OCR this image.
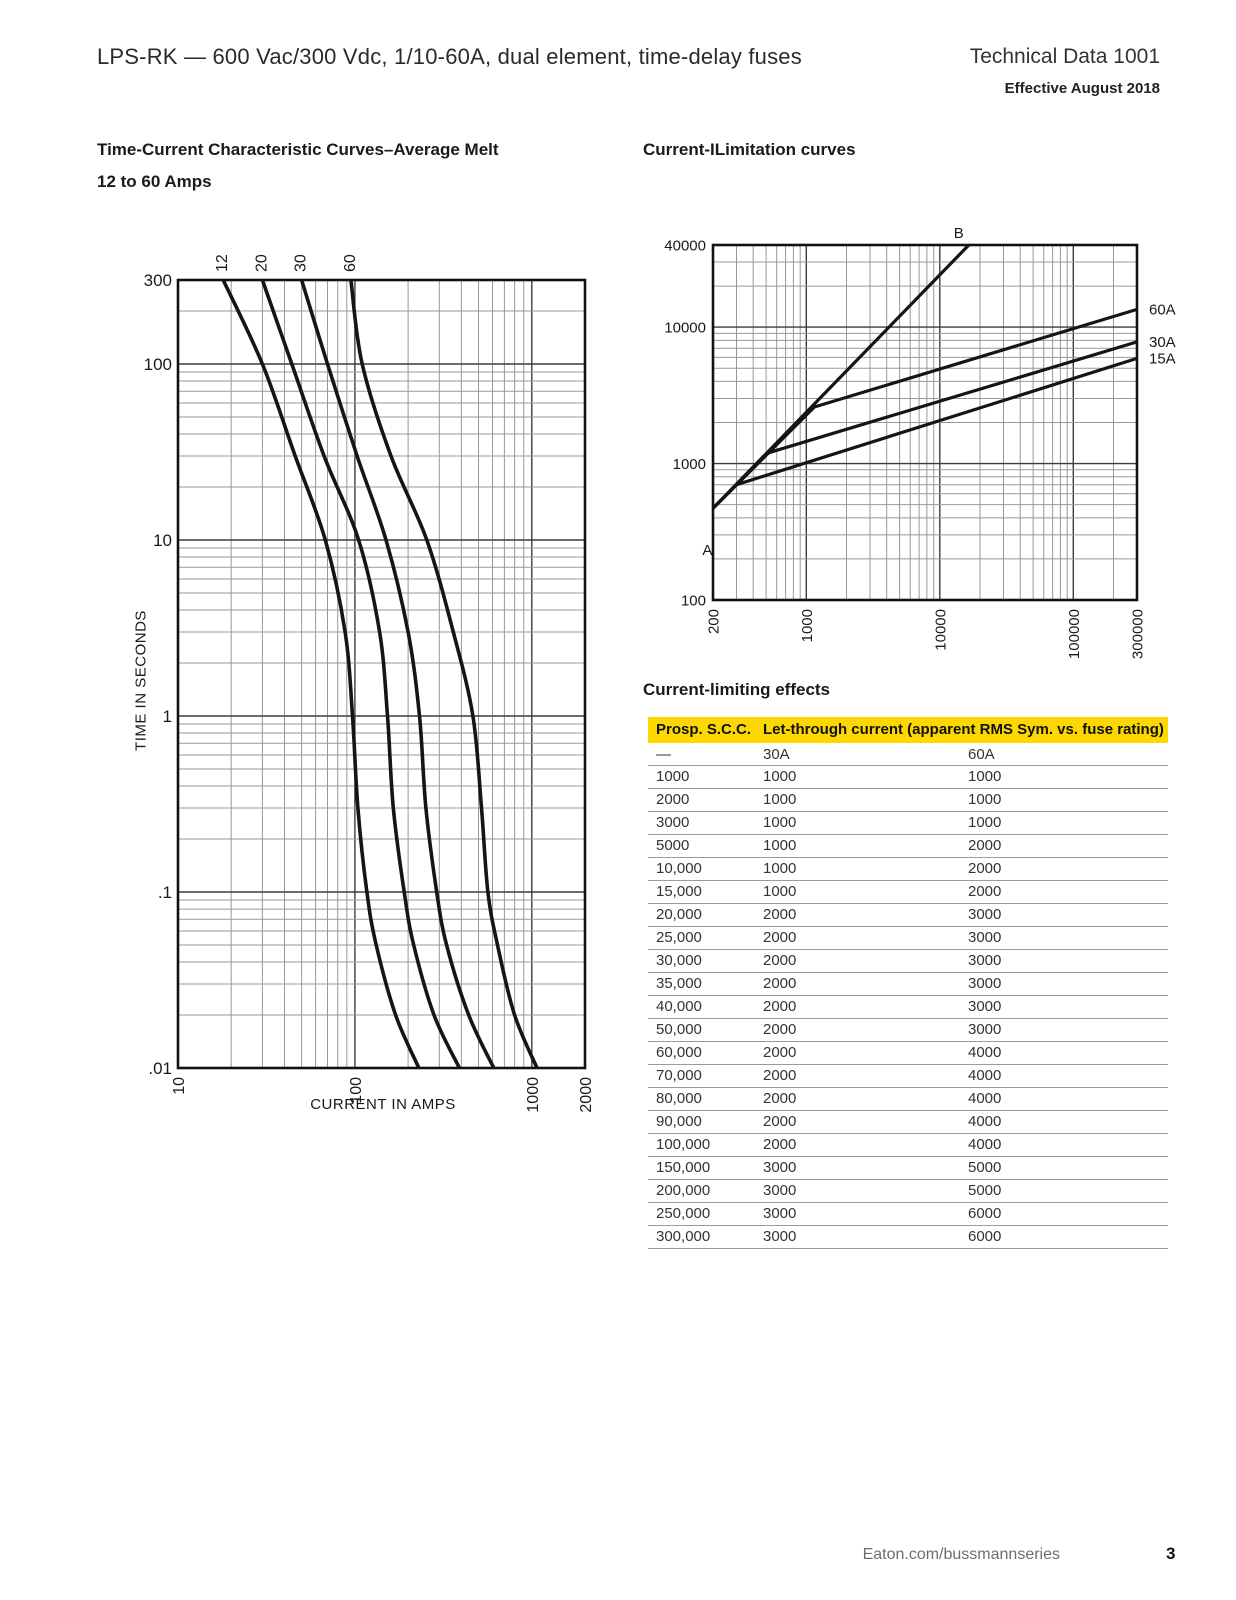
LPS-RK — 600 Vac/300 Vdc, 1/10-60A, dual element, time-delay fuses	Technical Data 1001
Effective August 2018
Time-Current Characteristic Curves–Average Melt
12 to 60 Amps
Current-ILimitation curves
300
100
10
1
.1
.01
10	100	1000 2000
12 20 30 60
40000
10000
1000
100
200	1000	10000	100000	300000
B
A
60A
30A
15A
TIME IN SECONDS
CURRENT IN AMPS
Current-limiting effects
Prosp. S.C.C.	Let-through current (apparent RMS Sym. vs. fuse rating)	
—	30A	60A
1000	1000	1000
2000	1000	1000
3000	1000	1000
5000	1000	2000
10,000	1000	2000
15,000	1000	2000
20,000	2000	3000
25,000	2000	3000
30,000	2000	3000
35,000	2000	3000
40,000	2000	3000
50,000	2000	3000
60,000	2000	4000
70,000	2000	4000
80,000	2000	4000
90,000	2000	4000
100,000	2000	4000
150,000	3000	5000
200,000	3000	5000
250,000	3000	6000
300,000	3000	6000
Eaton.com/bussmannseries	3
